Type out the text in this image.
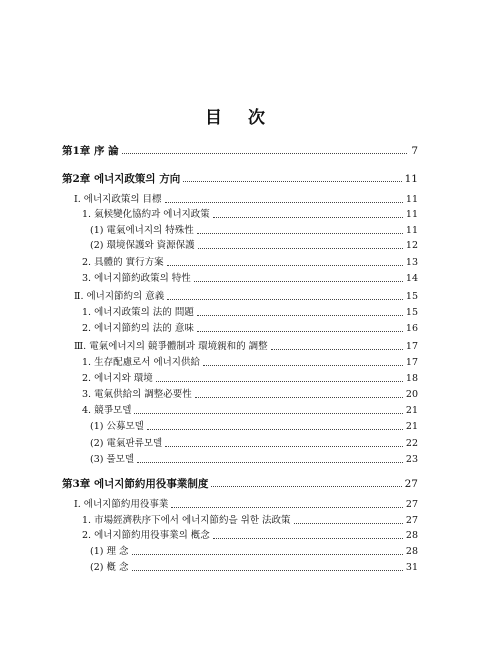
目 次
第1章 序 論	7
第2章 에너지政策의 方向	11
Ⅰ. 에너지政策의 目標	11
1. 氣候變化協約과 에너지政策	11
(1) 電氣에너지의 特殊性	11
(2) 環境保護와 資源保護	12
2. 具體的 實行方案	13
3. 에너지節約政策의 特性	14
Ⅱ. 에너지節約의 意義	15
1. 에너지政策의 法的 問題	15
2. 에너지節約의 法的 意味	16
Ⅲ. 電氣에너지의 競爭體制과 環境親和的 調整	17
1. 生存配慮로서 에너지供給	17
2. 에너지와 環境	18
3. 電氣供給의 調整必要性	20
4. 競爭모델	21
(1) 公募모델	21
(2) 電氣판류모델	22
(3) 풀모델	23
第3章 에너지節約用役事業制度	27
Ⅰ. 에너지節約用役事業	27
1. 市場經濟秩序下에서 에너지節約을 위한 法政策	27
2. 에너지節約用役事業의 槪念	28
(1) 理 念	28
(2) 槪 念	31
